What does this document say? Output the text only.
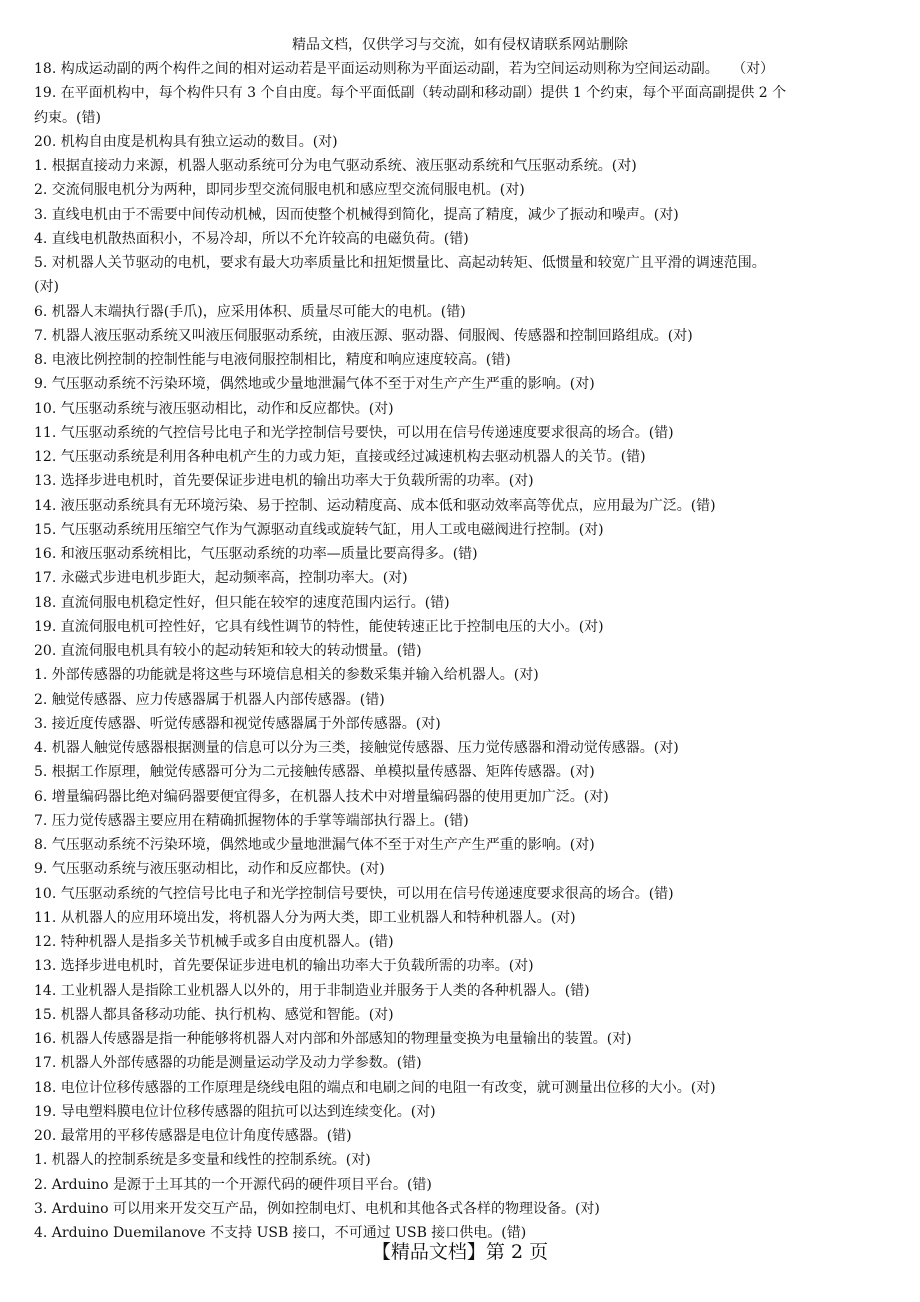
精品文档，仅供学习与交流，如有侵权请联系网站删除
18. 构成运动副的两个构件之间的相对运动若是平面运动则称为平面运动副，若为空间运动则称为空间运动副。   （对）
19. 在平面机构中，每个构件只有 3 个自由度。每个平面低副（转动副和移动副）提供 1 个约束，每个平面高副提供 2 个
约束。(错)
20. 机构自由度是机构具有独立运动的数目。(对)
1. 根据直接动力来源，机器人驱动系统可分为电气驱动系统、液压驱动系统和气压驱动系统。(对)
2. 交流伺服电机分为两种，即同步型交流伺服电机和感应型交流伺服电机。(对)
3. 直线电机由于不需要中间传动机械，因而使整个机械得到简化，提高了精度，减少了振动和噪声。(对)
4. 直线电机散热面积小，不易冷却，所以不允许较高的电磁负荷。(错)
5. 对机器人关节驱动的电机，要求有最大功率质量比和扭矩惯量比、高起动转矩、低惯量和较宽广且平滑的调速范围。
(对)
6. 机器人末端执行器(手爪)，应采用体积、质量尽可能大的电机。(错)
7. 机器人液压驱动系统又叫液压伺服驱动系统，由液压源、驱动器、伺服阀、传感器和控制回路组成。(对)
8. 电液比例控制的控制性能与电液伺服控制相比，精度和响应速度较高。(错)
9. 气压驱动系统不污染环境，偶然地或少量地泄漏气体不至于对生产产生严重的影响。(对)
10. 气压驱动系统与液压驱动相比，动作和反应都快。(对)
11. 气压驱动系统的气控信号比电子和光学控制信号要快，可以用在信号传递速度要求很高的场合。(错)
12. 气压驱动系统是利用各种电机产生的力或力矩，直接或经过减速机构去驱动机器人的关节。(错)
13. 选择步进电机时，首先要保证步进电机的输出功率大于负载所需的功率。(对)
14. 液压驱动系统具有无环境污染、易于控制、运动精度高、成本低和驱动效率高等优点，应用最为广泛。(错)
15. 气压驱动系统用压缩空气作为气源驱动直线或旋转气缸，用人工或电磁阀进行控制。(对)
16. 和液压驱动系统相比，气压驱动系统的功率—质量比要高得多。(错)
17. 永磁式步进电机步距大，起动频率高，控制功率大。(对)
18. 直流伺服电机稳定性好，但只能在较窄的速度范围内运行。(错)
19. 直流伺服电机可控性好，它具有线性调节的特性，能使转速正比于控制电压的大小。(对)
20. 直流伺服电机具有较小的起动转矩和较大的转动惯量。(错)
1. 外部传感器的功能就是将这些与环境信息相关的参数采集并输入给机器人。(对)
2. 触觉传感器、应力传感器属于机器人内部传感器。(错)
3. 接近度传感器、听觉传感器和视觉传感器属于外部传感器。(对)
4. 机器人触觉传感器根据测量的信息可以分为三类，接触觉传感器、压力觉传感器和滑动觉传感器。(对)
5. 根据工作原理，触觉传感器可分为二元接触传感器、单模拟量传感器、矩阵传感器。(对)
6. 增量编码器比绝对编码器要便宜得多，在机器人技术中对增量编码器的使用更加广泛。(对)
7. 压力觉传感器主要应用在精确抓握物体的手掌等端部执行器上。(错)
8. 气压驱动系统不污染环境，偶然地或少量地泄漏气体不至于对生产产生严重的影响。(对)
9. 气压驱动系统与液压驱动相比，动作和反应都快。(对)
10. 气压驱动系统的气控信号比电子和光学控制信号要快，可以用在信号传递速度要求很高的场合。(错)
11. 从机器人的应用环境出发，将机器人分为两大类，即工业机器人和特种机器人。(对)
12. 特种机器人是指多关节机械手或多自由度机器人。(错)
13. 选择步进电机时，首先要保证步进电机的输出功率大于负载所需的功率。(对)
14. 工业机器人是指除工业机器人以外的，用于非制造业并服务于人类的各种机器人。(错)
15. 机器人都具备移动功能、执行机构、感觉和智能。(对)
16. 机器人传感器是指一种能够将机器人对内部和外部感知的物理量变换为电量输出的装置。(对)
17. 机器人外部传感器的功能是测量运动学及动力学参数。(错)
18. 电位计位移传感器的工作原理是绕线电阻的端点和电刷之间的电阻一有改变，就可测量出位移的大小。(对)
19. 导电塑料膜电位计位移传感器的阻抗可以达到连续变化。(对)
20. 最常用的平移传感器是电位计角度传感器。(错)
1. 机器人的控制系统是多变量和线性的控制系统。(对)
2. Arduino 是源于土耳其的一个开源代码的硬件项目平台。(错)
3. Arduino 可以用来开发交互产品，例如控制电灯、电机和其他各式各样的物理设备。(对)
4. Arduino Duemilanove 不支持 USB 接口，不可通过 USB 接口供电。(错)
【精品文档】第 2 页
